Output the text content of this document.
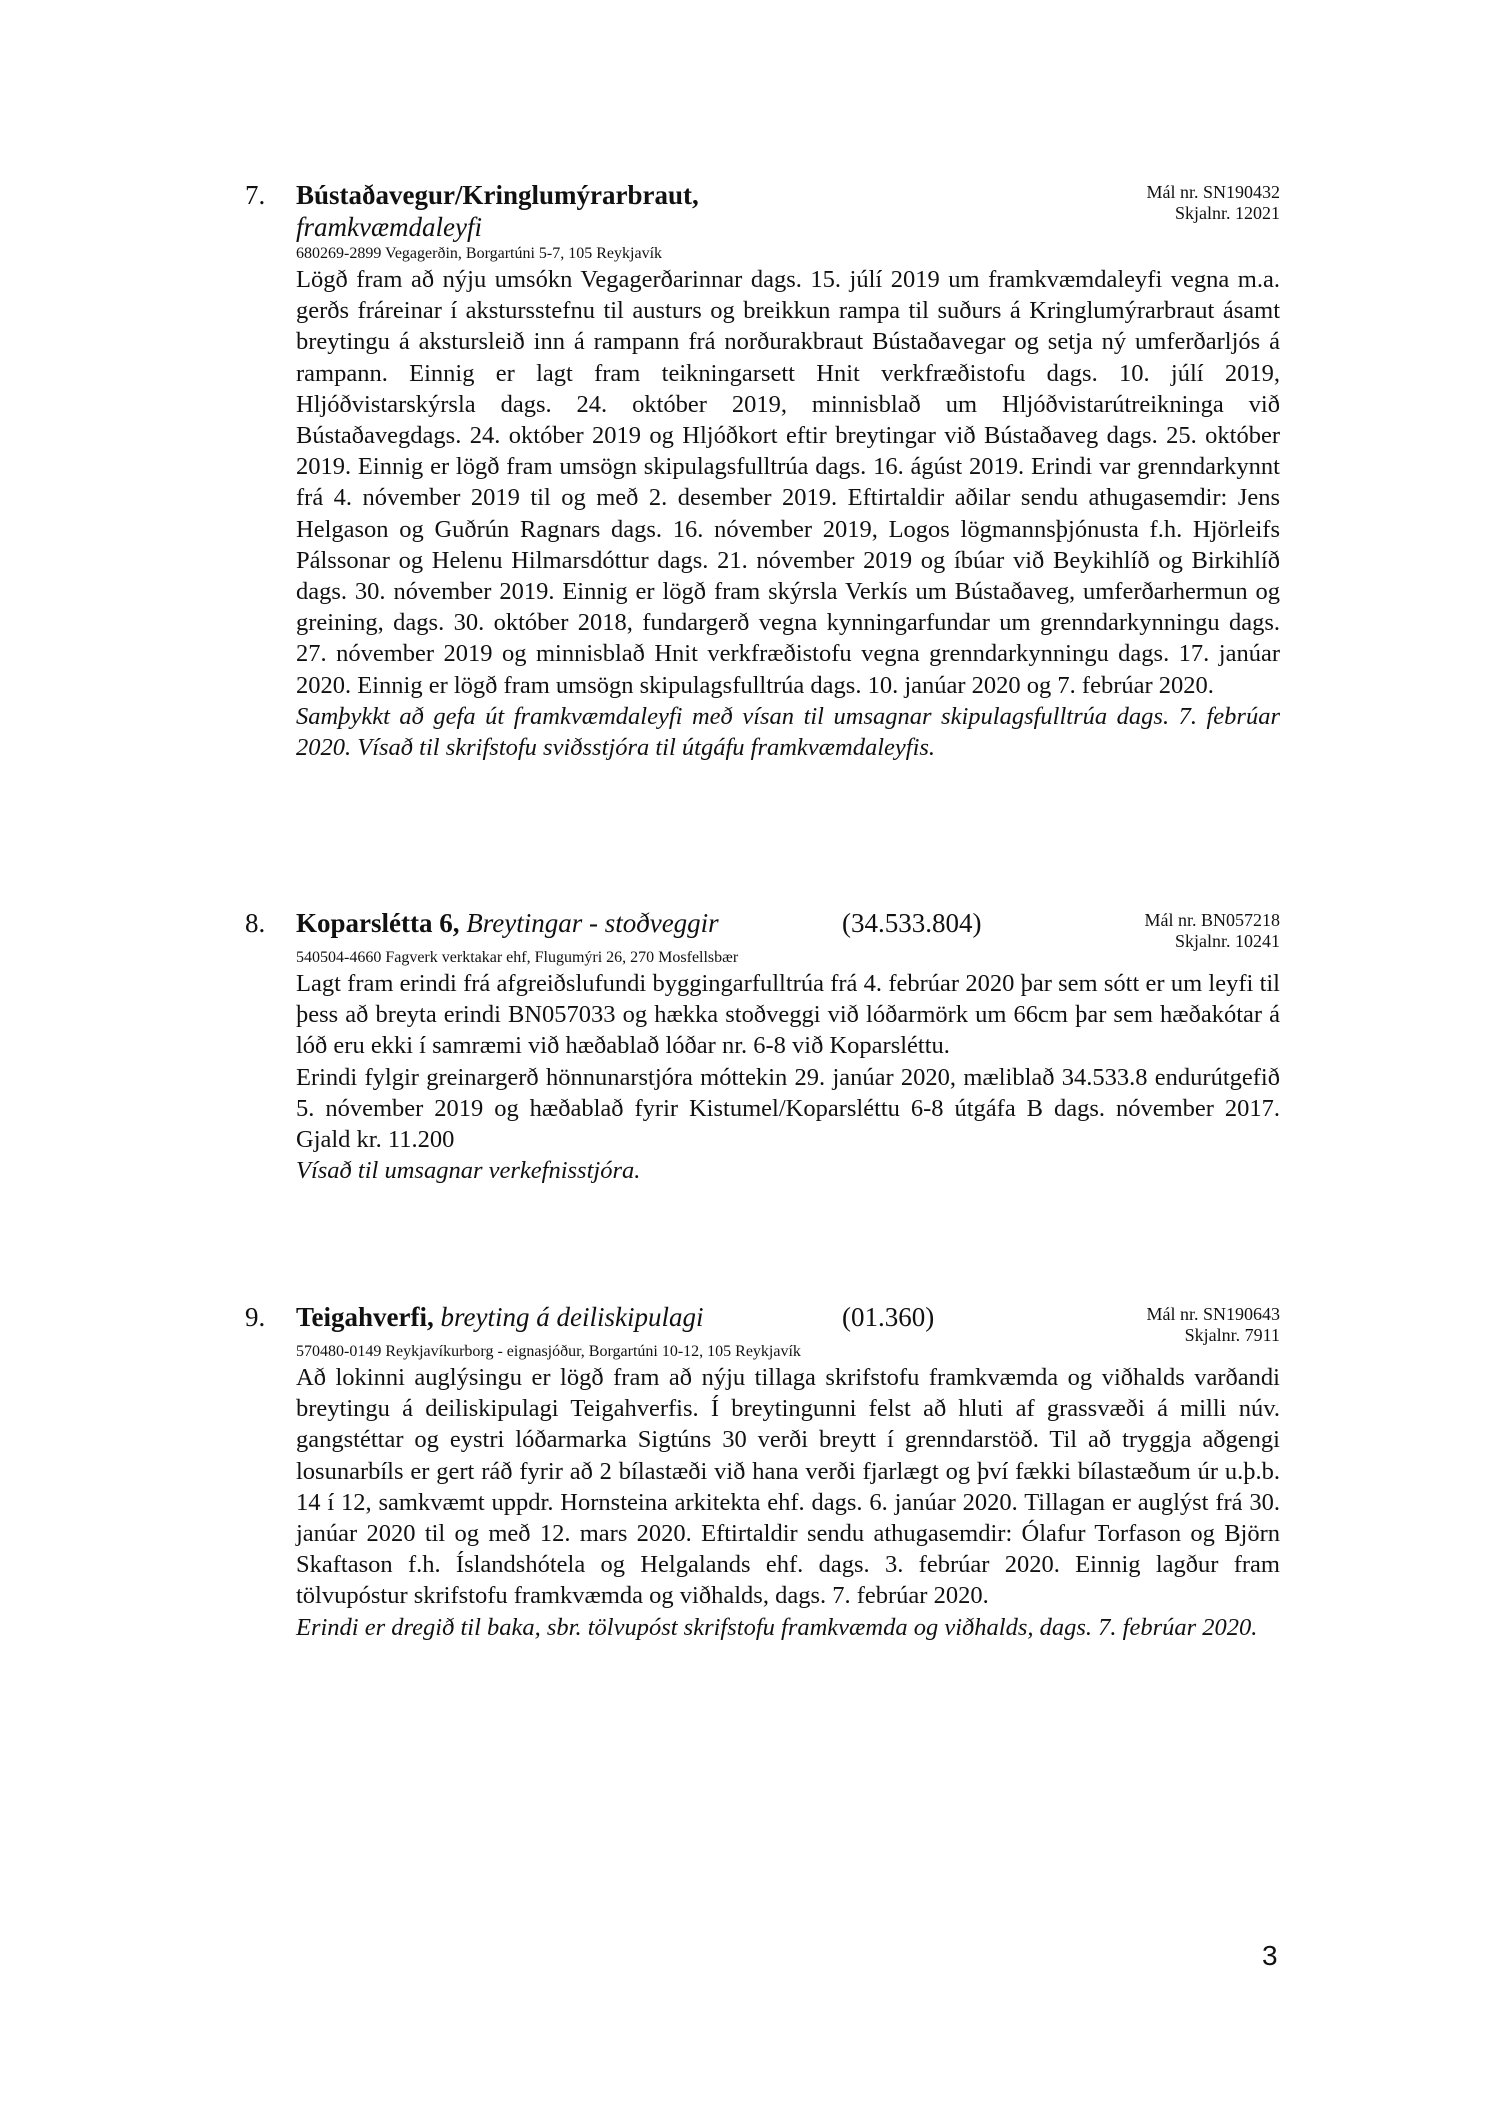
7. Bústaðavegur/Kringlumýrarbraut,	Mál nr. SN190432
Skjalnr. 12021
framkvæmdaleyfi
680269-2899 Vegagerðin, Borgartúni 5-7, 105 Reykjavík

Lögð fram að nýju umsókn Vegagerðarinnar dags. 15. júlí 2019 um framkvæmdaleyfi vegna m.a. gerðs fráreinar í akstursstefnu til austurs og breikkun rampa til suðurs á Kringlumýrarbraut ásamt breytingu á akstursleið inn á rampann frá norðurakbraut Bústaðavegar og setja ný umferðarljós á rampann. Einnig er lagt fram teikningarsett Hnit verkfræðistofu dags. 10. júlí 2019, Hljóðvistarskýrsla dags. 24. október 2019, minnisblað um Hljóðvistarútreikninga við Bústaðavegdags. 24. október 2019 og Hljóðkort eftir breytingar við Bústaðaveg dags. 25. október 2019. Einnig er lögð fram umsögn skipulagsfulltrúa dags. 16. ágúst 2019. Erindi var grenndarkynnt frá 4. nóvember 2019 til og með 2. desember 2019. Eftirtaldir aðilar sendu athugasemdir: Jens Helgason og Guðrún Ragnars dags. 16. nóvember 2019, Logos lögmannsþjónusta f.h. Hjörleifs Pálssonar og Helenu Hilmarsdóttur dags. 21. nóvember 2019 og íbúar við Beykihlíð og Birkihlíð dags. 30. nóvember 2019. Einnig er lögð fram skýrsla Verkís um Bústaðaveg, umferðarhermun og greining, dags. 30. október 2018, fundargerð vegna kynningarfundar um grenndarkynningu dags. 27. nóvember 2019 og minnisblað Hnit verkfræðistofu vegna grenndarkynningu dags. 17. janúar 2020. Einnig er lögð fram umsögn skipulagsfulltrúa dags. 10. janúar 2020 og 7. febrúar 2020.

Samþykkt að gefa út framkvæmdaleyfi með vísan til umsagnar skipulagsfulltrúa dags. 7. febrúar 2020. Vísað til skrifstofu sviðsstjóra til útgáfu framkvæmdaleyfis.

8. Koparslétta 6, Breytingar - stoðveggir	(34.533.804)	Mál nr. BN057218
Skjalnr. 10241
540504-4660 Fagverk verktakar ehf, Flugumýri 26, 270 Mosfellsbær

Lagt fram erindi frá afgreiðslufundi byggingarfulltrúa frá 4. febrúar 2020 þar sem sótt er um leyfi til þess að breyta erindi BN057033 og hækka stoðveggi við lóðarmörk um 66cm þar sem hæðakótar á lóð eru ekki í samræmi við hæðablað lóðar nr. 6-8 við Koparsléttu.

Erindi fylgir greinargerð hönnunarstjóra móttekin 29. janúar 2020, mæliblað 34.533.8 endurútgefið 5. nóvember 2019 og hæðablað fyrir Kistumel/Koparsléttu 6-8 útgáfa B dags. nóvember 2017. Gjald kr. 11.200

Vísað til umsagnar verkefnisstjóra.

9. Teigahverfi, breyting á deiliskipulagi	(01.360)	Mál nr. SN190643
Skjalnr. 7911
570480-0149 Reykjavíkurborg - eignasjóður, Borgartúni 10-12, 105 Reykjavík

Að lokinni auglýsingu er lögð fram að nýju tillaga skrifstofu framkvæmda og viðhalds varðandi breytingu á deiliskipulagi Teigahverfis. Í breytingunni felst að hluti af grassvæði á milli núv. gangstéttar og eystri lóðarmarka Sigtúns 30 verði breytt í grenndarstöð. Til að tryggja aðgengi losunarbíls er gert ráð fyrir að 2 bílastæði við hana verði fjarlægt og því fækki bílastæðum úr u.þ.b. 14 í 12, samkvæmt uppdr. Hornsteina arkitekta ehf. dags. 6. janúar 2020. Tillagan er auglýst frá 30. janúar 2020 til og með 12. mars 2020. Eftirtaldir sendu athugasemdir: Ólafur Torfason og Björn Skaftason f.h. Íslandshótela og Helgalands ehf. dags. 3. febrúar 2020. Einnig lagður fram tölvupóstur skrifstofu framkvæmda og viðhalds, dags. 7. febrúar 2020.

Erindi er dregið til baka, sbr. tölvupóst skrifstofu framkvæmda og viðhalds, dags. 7. febrúar 2020.

3
